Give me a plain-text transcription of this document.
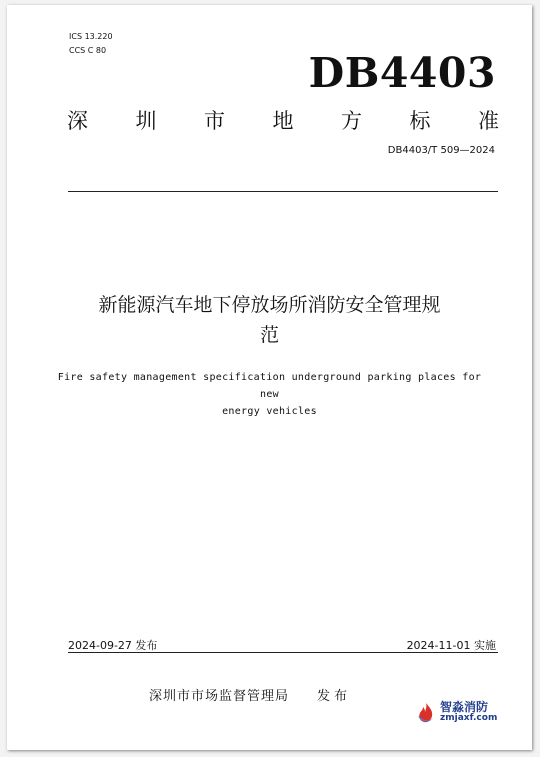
ICS 13.220
CCS C 80	DB4403
深 圳 市 地 方 标 准
DB4403/T 509—2024
新能源汽车地下停放场所消防安全管理规
范
Fire safety management specification underground parking places for new
energy vehicles
2024-09-27 发布	2024-11-01 实施
深圳市市场监督管理局 发布
智淼消防
zmjaxf.com
